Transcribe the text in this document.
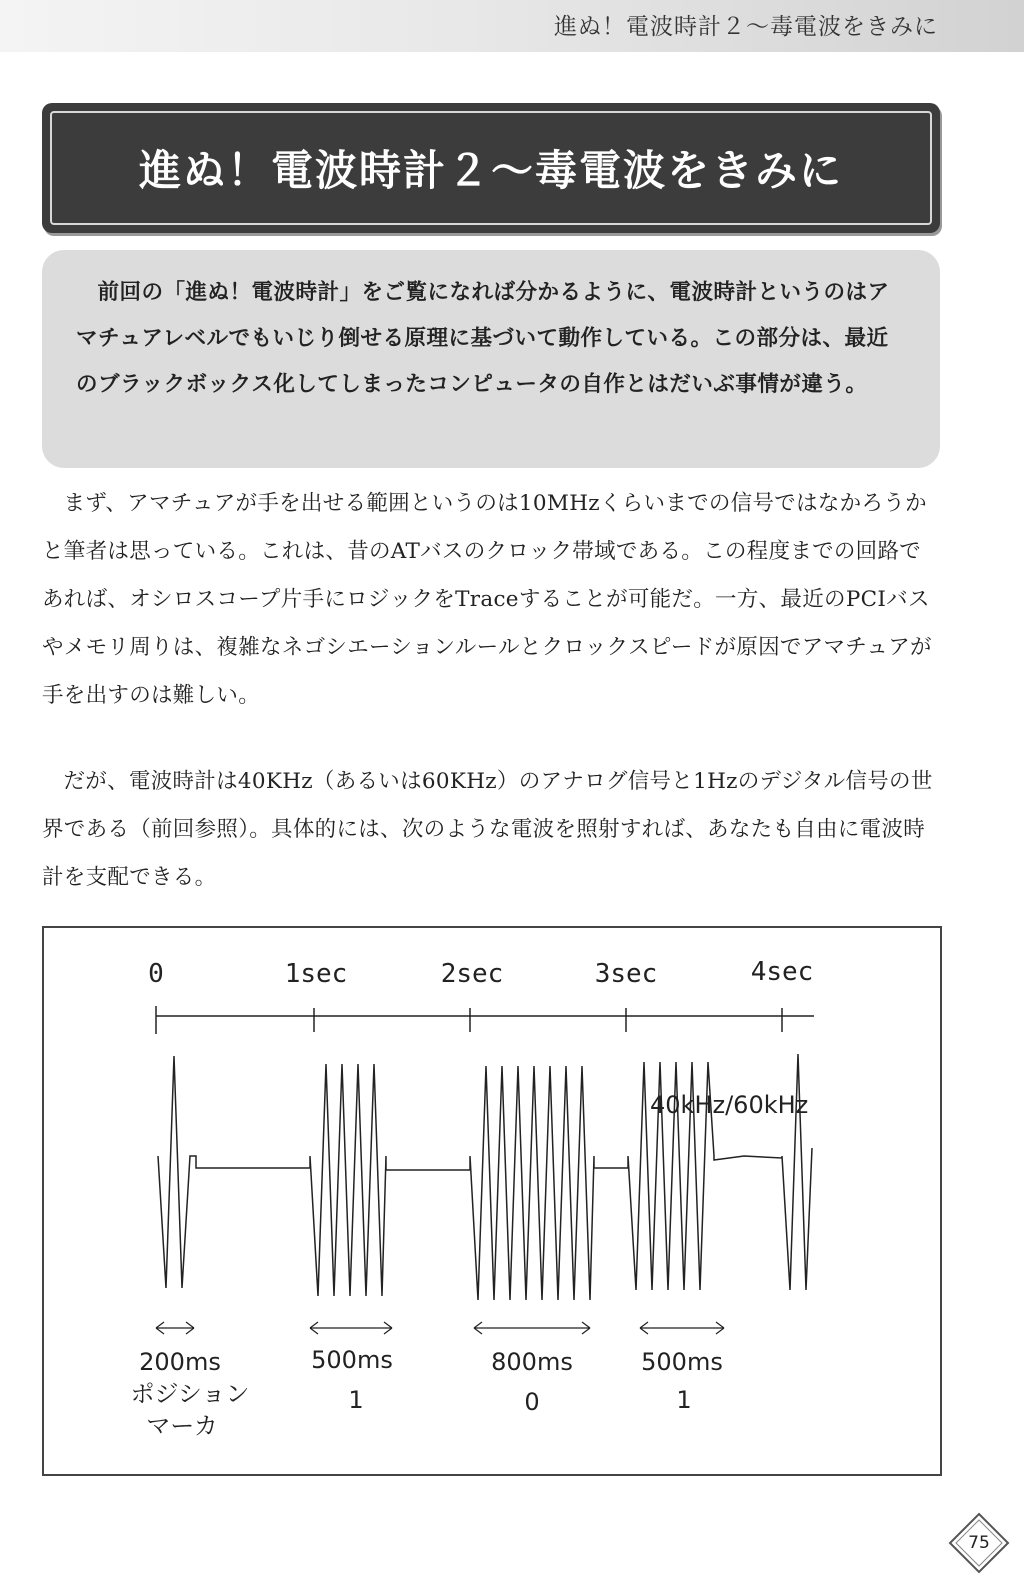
進ぬ！電波時計２〜毒電波をきみに
進ぬ！電波時計２〜毒電波をきみに

前回の「進ぬ！電波時計」をご覧になれば分かるように、電波時計というのはアマチュアレベルでもいじり倒せる原理に基づいて動作している。この部分は、最近のブラックボックス化してしまったコンピュータの自作とはだいぶ事情が違う。

まず、アマチュアが手を出せる範囲というのは10MHzくらいまでの信号ではなかろうかと筆者は思っている。これは、昔のATバスのクロック帯域である。この程度までの回路であれば、オシロスコープ片手にロジックをTraceすることが可能だ。一方、最近のPCIバスやメモリ周りは、複雑なネゴシエーションルールとクロックスピードが原因でアマチュアが手を出すのは難しい。

だが、電波時計は40KHz（あるいは60KHz）のアナログ信号と1Hzのデジタル信号の世界である（前回参照）。具体的には、次のような電波を照射すれば、あなたも自由に電波時計を支配できる。

0	1sec	2sec	3sec	4sec
40kHz/60kHz
200ms	500ms	800ms	500ms
ポジション
マーカ
1	0	1
75
